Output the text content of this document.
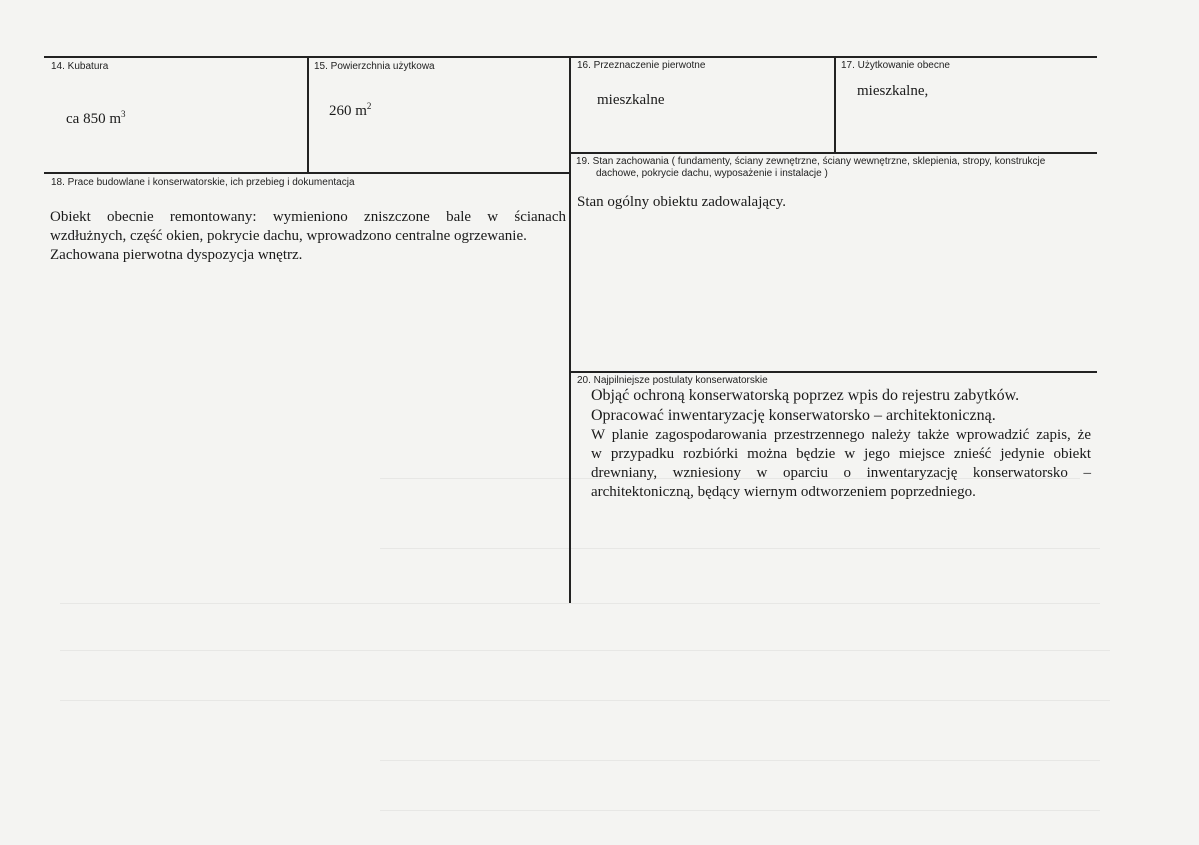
14. Kubatura
ca 850 $m^3$
15. Powierzchnia użytkowa
260 $m^2$
16. Przeznaczenie pierwotne
mieszkalne
17. Użytkowanie obecne
mieszkalne,
18. Prace budowlane i konserwatorskie, ich przebieg i dokumentacja
Obiekt obecnie remontowany: wymieniono zniszczone bale w ścianach
wzdłużnych, część okien, pokrycie dachu, wprowadzono centralne ogrzewanie.
Zachowana pierwotna dyspozycja wnętrz.
19. Stan zachowania ( fundamenty, ściany zewnętrzne, ściany wewnętrzne, sklepienia, stropy, konstrukcje
dachowe, pokrycie dachu, wyposażenie i instalacje )
Stan ogólny obiektu zadowalający.
20. Najpilniejsze postulaty konserwatorskie
Objąć ochroną konserwatorską poprzez wpis do rejestru zabytków.
Opracować inwentaryzację konserwatorsko – architektoniczną.
W planie zagospodarowania przestrzennego należy także wprowadzić zapis, że
w przypadku rozbiórki można będzie w jego miejsce znieść jedynie obiekt
drewniany, wzniesiony w oparciu o inwentaryzację konserwatorsko –
architektoniczną, będący wiernym odtworzeniem poprzedniego.
